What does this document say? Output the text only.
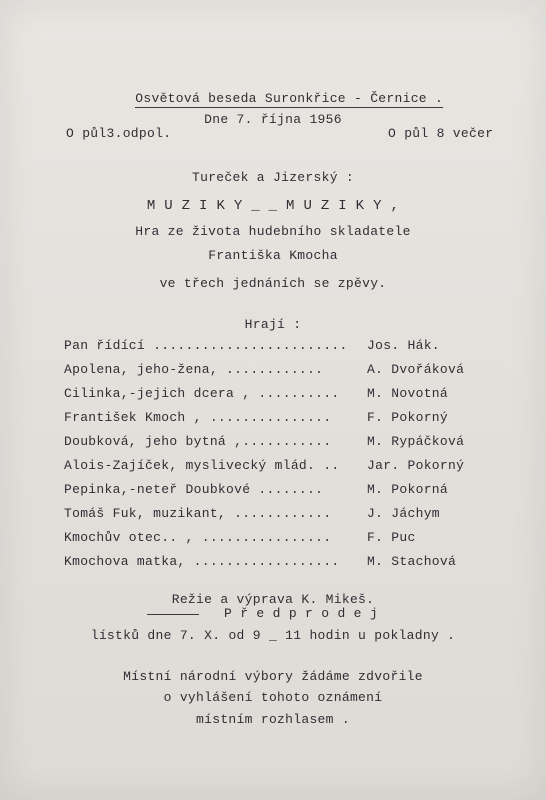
Osvětová beseda Suronkřice - Černice .

Dne 7. října 1956
O půl3.odpol.	O půl 8 večer
Tureček a Jizerský :
M U Z I K Y _ _ M U Z I K Y ,
Hra ze života hudebního skladatele
Františka Kmocha
ve třech jednáních se zpěvy.
Hrají :
Pan řídící ........................ Jos. Hák.
Apolena, jeho-žena, ............	A. Dvořáková
Cilinka,-jejich dcera , .......... M. Novotná
František Kmoch , ...............	F. Pokorný
Doubková, jeho bytná ,...........	M. Rypáčková
Alois-Zajíček, myslivecký mlád. .. Jar. Pokorný
Pepinka,-neteř Doubkové ........	M. Pokorná
Tomáš Fuk, muzikant, ............	J. Jáchym
Kmochův otec.. , ................	F. Puc
Kmochova matka, .................. M. Stachová
Režie a výprava K. Mikeš.
P ř e d p r o d e j
lístků dne 7. X. od 9 _ 11 hodin u pokladny .
Místní národní výbory žádáme zdvořile
o vyhlášení tohoto oznámení
místním rozhlasem .
